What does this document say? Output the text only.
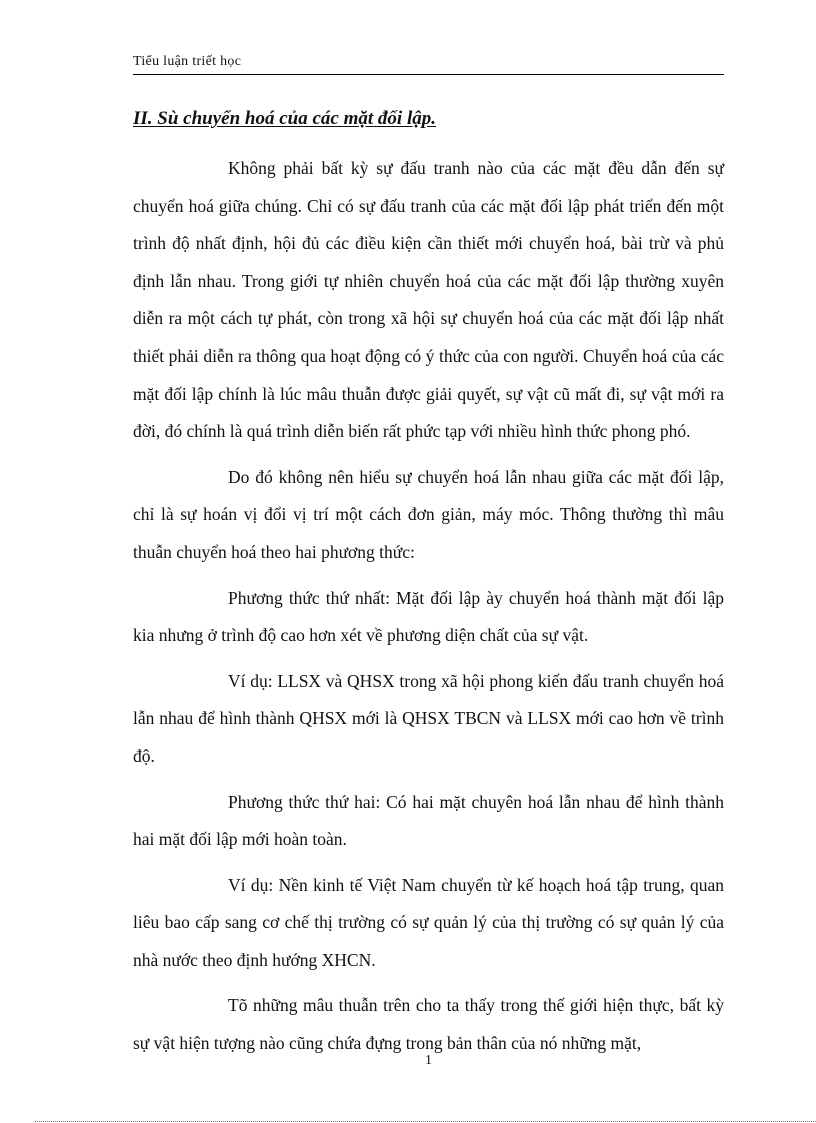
Tiểu luận triết học
II. Sù chuyển hoá của các mặt đối lập.

Không phải bất kỳ sự đấu tranh nào của các mặt đều dẫn đến sự chuyển hoá giữa chúng. Chỉ có sự đấu tranh của các mặt đối lập phát triển đến một trình độ nhất định, hội đủ các điều kiện cần thiết mới chuyển hoá, bài trừ và phủ định lẫn nhau. Trong giới tự nhiên chuyển hoá của các mặt đối lập thường xuyên diễn ra một cách tự phát, còn trong xã hội sự chuyển hoá của các mặt đối lập nhất thiết phải diễn ra thông qua hoạt động có ý thức của con người. Chuyển hoá của các mặt đối lập chính là lúc mâu thuẫn được giải quyết, sự vật cũ mất đi, sự vật mới ra đời, đó chính là quá trình diễn biến rất phức tạp với nhiều hình thức phong phó.

Do đó không nên hiểu sự chuyển hoá lẫn nhau giữa các mặt đối lập, chỉ là sự hoán vị đổi vị trí một cách đơn giản, máy móc. Thông thường thì mâu thuẫn chuyển hoá theo hai phương thức:

Phương thức thứ nhất: Mặt đối lập ày chuyển hoá thành mặt đối lập kia nhưng ở trình độ cao hơn xét về phương diện chất của sự vật.

Ví dụ: LLSX và QHSX trong xã hội phong kiến đấu tranh chuyển hoá lẫn nhau để hình thành QHSX mới là QHSX TBCN và LLSX mới cao hơn về trình độ.

Phương thức thứ hai: Có hai mặt chuyên hoá lẫn nhau để hình thành hai mặt đối lập mới hoàn toàn.

Ví dụ: Nền kinh tế Việt Nam chuyển từ kế hoạch hoá tập trung, quan liêu bao cấp sang cơ chế thị trường có sự quản lý của thị trường có sự quản lý của nhà nước theo định hướng XHCN.

Tõ những mâu thuẫn trên cho ta thấy trong thế giới hiện thực, bất kỳ sự vật hiện tượng nào cũng chứa đựng trong bản thân của nó những mặt,

1
